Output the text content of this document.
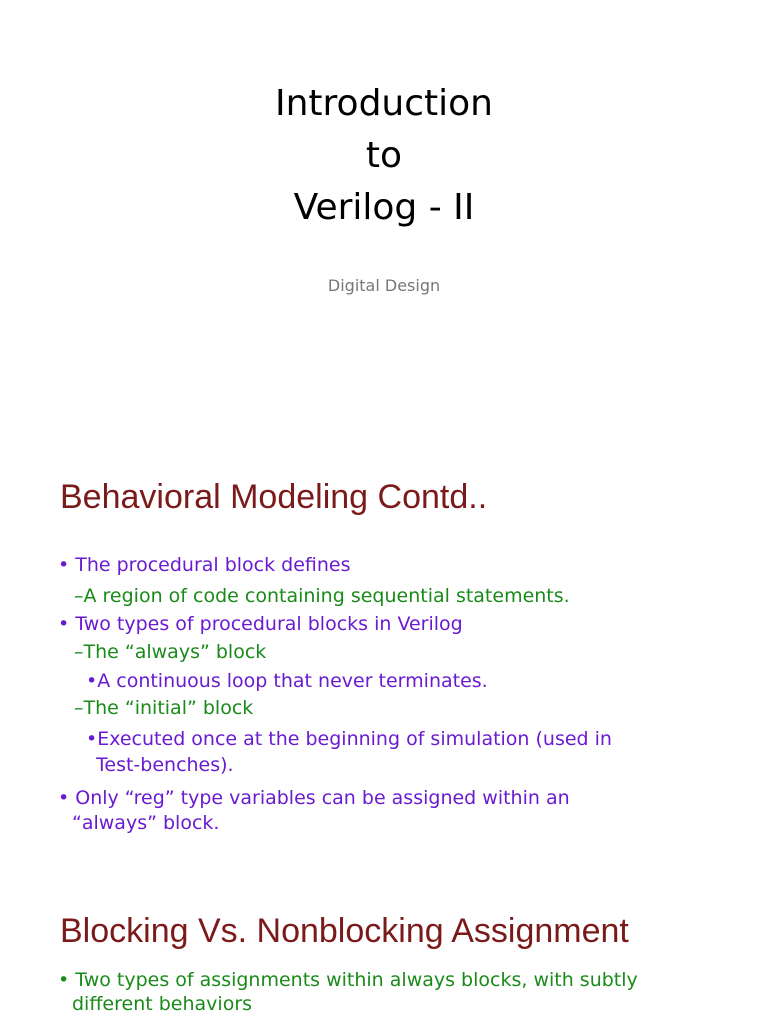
Introduction
to
Verilog - II
Digital Design
Behavioral Modeling Contd..
• The procedural block defines
–A region of code containing sequential statements.
• Two types of procedural blocks in Verilog
–The “always” block
•A continuous loop that never terminates.
–The “initial” block
•Executed once at the beginning of simulation (used in
Test-benches).
• Only “reg” type variables can be assigned within an
“always” block.
Blocking Vs. Nonblocking Assignment
• Two types of assignments within always blocks, with subtly
different behaviors
